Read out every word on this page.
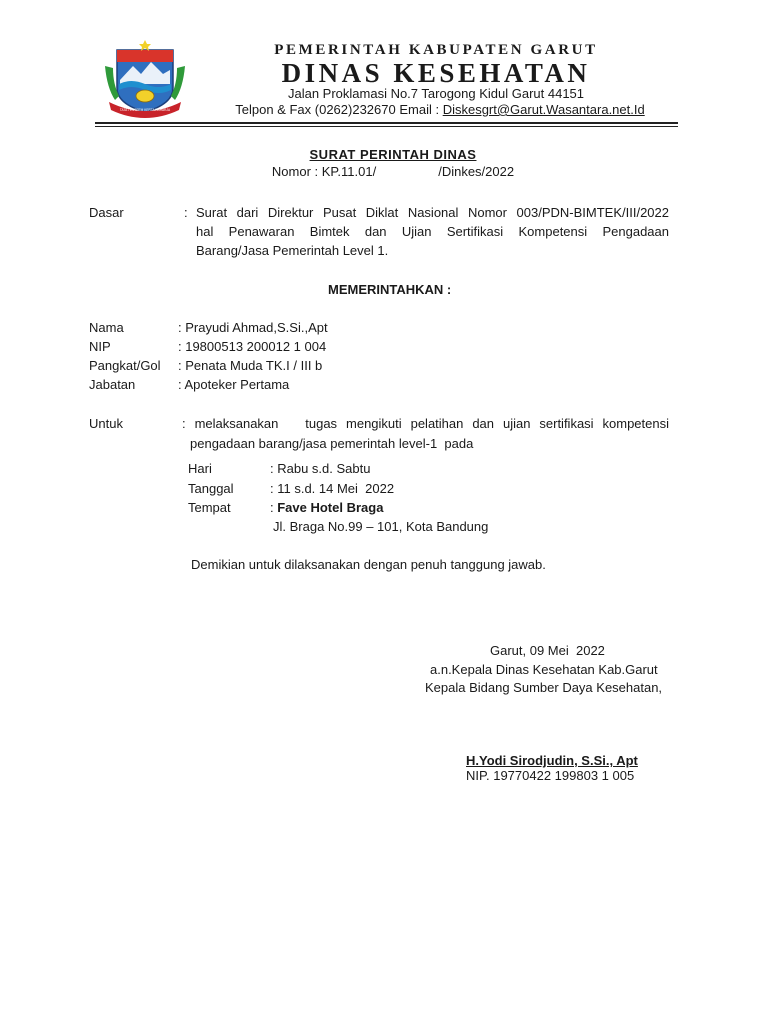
TATA TENTREM KERTA RAHARJA
PEMERINTAH KABUPATEN GARUT
DINAS KESEHATAN
Jalan Proklamasi No.7 Tarogong Kidul Garut 44151
Telpon & Fax (0262)232670 Email : Diskesgrt@Garut.Wasantara.net.Id
SURAT PERINTAH DINAS
Nomor : KP.11.01/	/Dinkes/2022
Dasar	: Surat dari Direktur Pusat Diklat Nasional Nomor 003/PDN-BIMTEK/III/2022
hal Penawaran Bimtek dan Ujian Sertifikasi Kompetensi Pengadaan
Barang/Jasa Pemerintah Level 1.
MEMERINTAHKAN :
Nama	: Prayudi Ahmad,S.Si.,Apt
NIP	: 19800513 200012 1 004
Pangkat/Gol : Penata Muda TK.I / III b
Jabatan	: Apoteker Pertama
Untuk	: melaksanakan   tugas mengikuti pelatihan dan ujian sertifikasi kompetensi
pengadaan barang/jasa pemerintah level-1  pada
Hari	: Rabu s.d. Sabtu
Tanggal	: 11 s.d. 14 Mei  2022
Tempat	: Fave Hotel Braga
Jl. Braga No.99 – 101, Kota Bandung
Demikian untuk dilaksanakan dengan penuh tanggung jawab.
Garut, 09 Mei  2022
a.n.Kepala Dinas Kesehatan Kab.Garut
Kepala Bidang Sumber Daya Kesehatan,
H.Yodi Sirodjudin, S.Si., Apt
NIP. 19770422 199803 1 005
